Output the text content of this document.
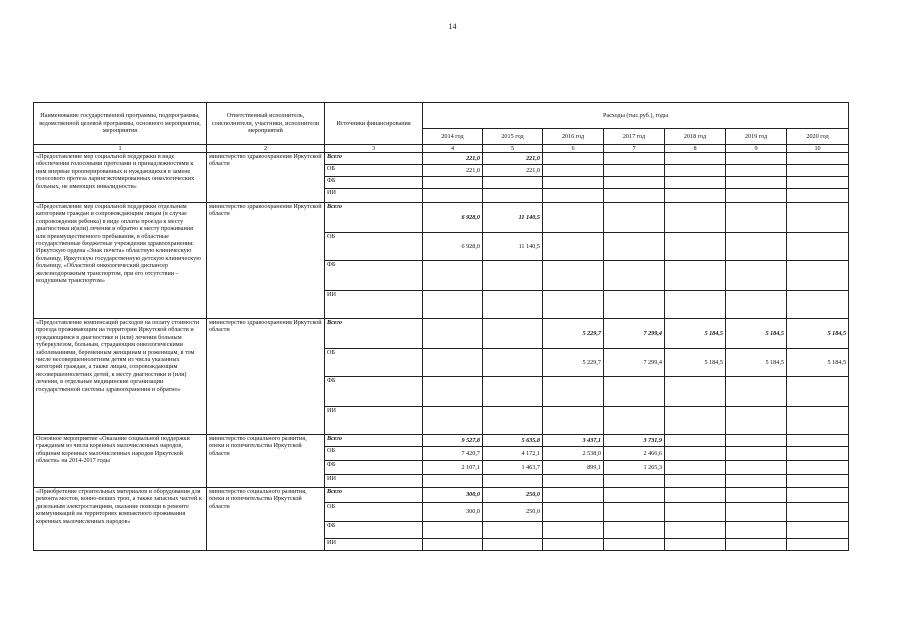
14
Наименование государственной программы, подпрограммы, ведомственной целевой программы, основного мероприятия, мероприятия	Ответственный исполнитель, соисполнители, участники, исполнители мероприятий	Источники финансирования	Расходы (тыс.руб.), годы						
			2014 год	2015 год	2016 год	2017 год	2018 год	2019 год	2020 год
1	2	3	4	5	6	7	8	9	10
«Предоставление мер социальной поддержки в виде обеспечения голосовыми протезами и принадлежностями к ним впервые прооперированных и нуждающихся в замене голосового протеза ларингэктомированных онкологических больных, не имеющих инвалидности»	министерство здравоохранения Иркутской области	Всего	221,0	221,0					
		ОБ	221,0	221,0					
		ФБ							
		ИИ							
«Предоставление мер социальной поддержки отдельным категориям граждан и сопровождающим лицам (в случае сопровождения ребенка) в виде оплаты проезда к месту диагностики и(или) лечения и обратно к месту проживания или преимущественного пребывания, в областные государственные бюджетные учреждения здравоохранения: Иркутскую ордена «Знак почета» областную клиническую больницу, Иркутскую государственную детскую клиническую больницу, «Областной онкологический диспансер железнодорожным транспортом, при его отсутствии – воздушным транспортом»	министерство здравоохранения Иркутской области	Всего	6 928,0	11 140,5					
		ОБ	6 928,0	11 140,5					
		ФБ							
		ИИ							
«Предоставление компенсаций расходов на оплату стоимости проезда проживающим на территории Иркутской области и нуждающимся в диагностике и (или) лечении больным туберкулезом, больным, страдающим онкологическими заболеваниями, беременным женщинам и роженицам, в том числе несовершеннолетним детям из числа указанных категорий граждан, а также лицам, сопровождающим несовершеннолетних детей, к месту диагностики и (или) лечения, в отдельные медицинские организации государственной системы здравоохранения и обратно»	министерство здравоохранения Иркутской области	Всего			5 229,7	7 299,4	5 184,5	5 184,5	5 184,5
		ОБ			5 229,7	7 299,4	5 184,5	5 184,5	5 184,5
		ФБ							
		ИИ							
Основное мероприятие «Оказание социальной поддержки гражданам из числа коренных малочисленных народов, общинам коренных малочисленных народов Иркутской области» на 2014-2017 годы	министерство социального развития, опеки и попечительства Иркутской области	Всего	9 527,8	5 635,8	3 437,1	3 731,9			
		ОБ	7 420,7	4 172,1	2 538,0	2 466,6			
		ФБ	2 107,1	1 463,7	899,1	1 265,3			
		ИИ							
«Приобретение строительных материалов и оборудования для ремонта мостов, конно-пеших троп, а также запасных частей к дизельным электростанциям, оказание помощи в ремонте коммуникаций на территориях компактного проживания коренных малочисленных народов»	министерство социального развития, опеки и попечительства Иркутской области	Всего	300,0	250,0					
		ОБ	300,0	250,0					
		ФБ							
		ИИ							
